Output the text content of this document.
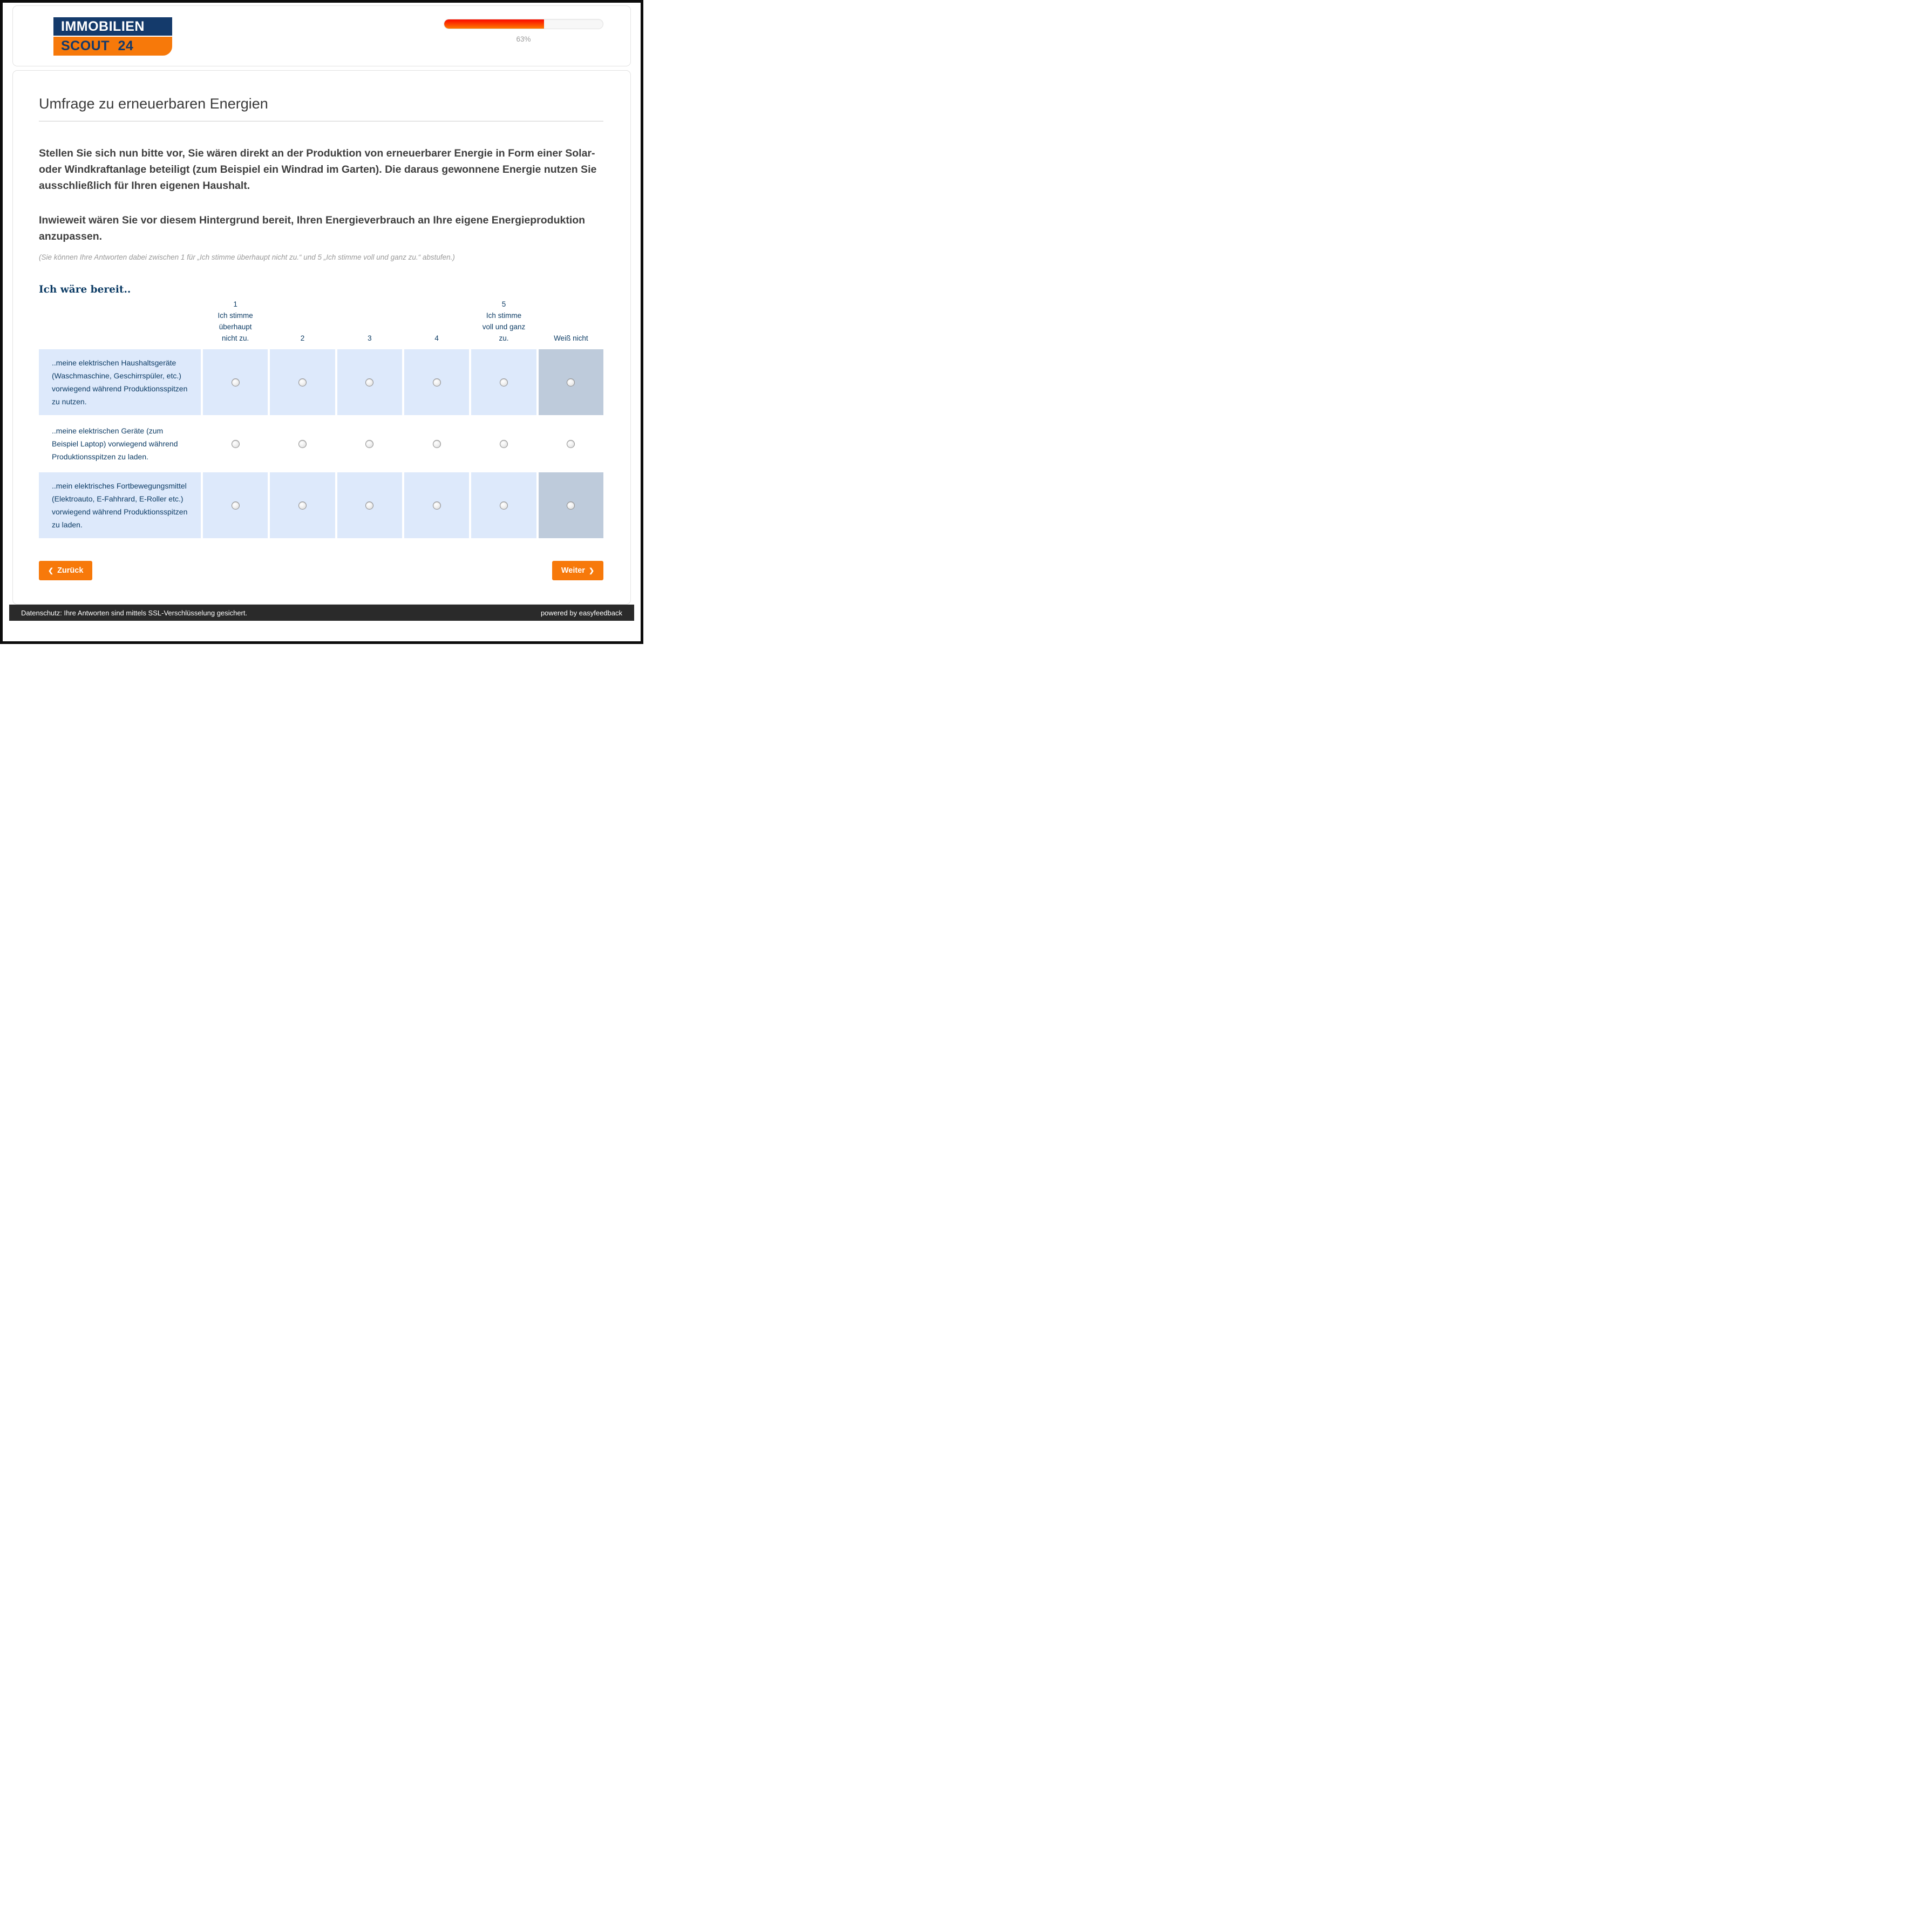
IMMOBILIEN
SCOUT 24	63%
Umfrage zu erneuerbaren Energien

Stellen Sie sich nun bitte vor, Sie wären direkt an der Produktion von erneuerbarer Energie in Form einer Solar- oder Windkraftanlage beteiligt (zum Beispiel ein Windrad im Garten). Die daraus gewonnene Energie nutzen Sie ausschließlich für Ihren eigenen Haushalt.

Inwieweit wären Sie vor diesem Hintergrund bereit, Ihren Energieverbrauch an Ihre eigene Energieproduktion anzupassen.

(Sie können Ihre Antworten dabei zwischen 1 für „Ich stimme überhaupt nicht zu.“ und 5 „Ich stimme voll und ganz zu.“ abstufen.)

Ich wäre bereit..
1
Ich stimme
überhaupt
nicht zu.	2	3	4
5
Ich stimme
voll und ganz
zu.	Weiß nicht
..meine elektrischen Haushaltsgeräte (Waschmaschine, Geschirrspüler, etc.) vorwiegend während Produktionsspitzen zu nutzen.
..meine elektrischen Geräte (zum Beispiel Laptop) vorwiegend während Produktionsspitzen zu laden.
..mein elektrisches Fortbewegungsmittel (Elektroauto, E-Fahhrard, E-Roller etc.) vorwiegend während Produktionsspitzen zu laden.
❮ Zurück	Weiter ❯
Datenschutz: Ihre Antworten sind mittels SSL-Verschlüsselung gesichert.	powered by easyfeedback
